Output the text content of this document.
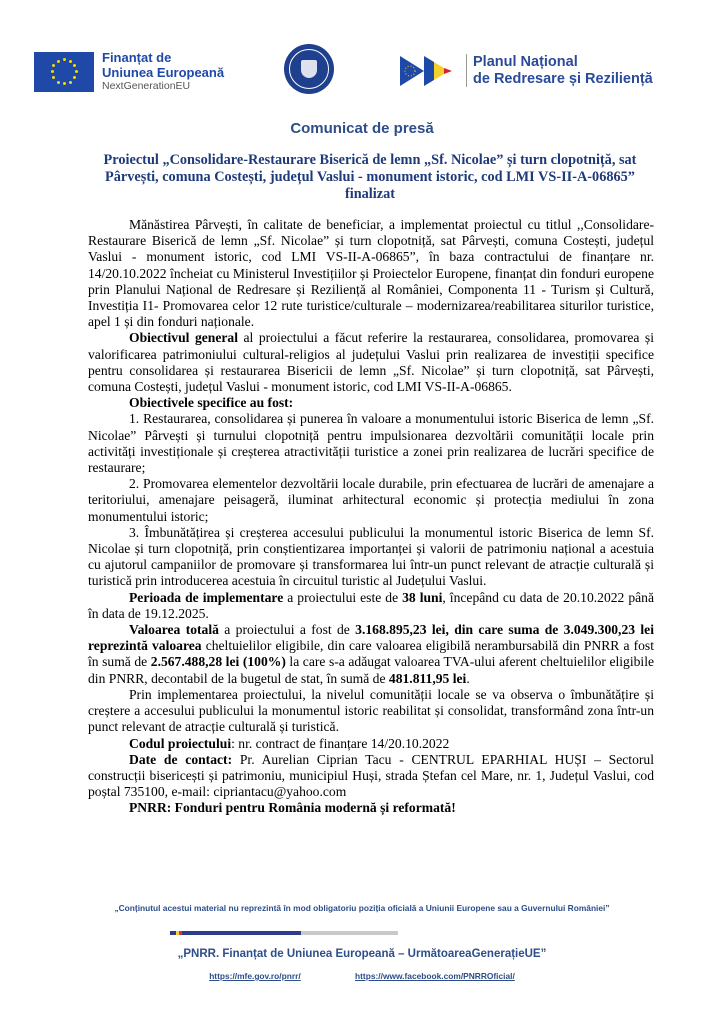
Finanțat de
Uniunea Europeană
NextGenerationEU
Planul Național
de Redresare și Reziliență
Comunicat de presă
Proiectul „Consolidare-Restaurare Biserică de lemn „Sf. Nicolae” și turn clopotniță, sat Pârvești, comuna Costești, județul Vaslui - monument istoric, cod LMI VS-II-A-06865” finalizat

Mănăstirea Pârvești, în calitate de beneficiar, a implementat proiectul cu titlul ,,Consolidare-Restaurare Biserică de lemn „Sf. Nicolae” și turn clopotniță, sat Pârvești, comuna Costești, județul Vaslui - monument istoric, cod LMI VS-II-A-06865”, în baza contractului de finanțare nr. 14/20.10.2022 încheiat cu Ministerul Investițiilor și Proiectelor Europene, finanțat din fonduri europene prin Planului Național de Redresare și Reziliență al României, Componenta 11 - Turism și Cultură, Investiția I1- Promovarea celor 12 rute turistice/culturale – modernizarea/reabilitarea siturilor turistice, apel 1 și din fonduri naționale.

Obiectivul general al proiectului a făcut referire la restaurarea, consolidarea, promovarea și valorificarea patrimoniului cultural-religios al județului Vaslui prin realizarea de investiții specifice pentru consolidarea și restaurarea Bisericii de lemn „Sf. Nicolae” și turn clopotniță, sat Pârvești, comuna Costești, județul Vaslui - monument istoric, cod LMI VS-II-A-06865.

Obiectivele specifice au fost:

1. Restaurarea, consolidarea și punerea în valoare a monumentului istoric Biserica de lemn „Sf. Nicolae” Pârvești și turnului clopotniță pentru impulsionarea dezvoltării comunității locale prin activități investiționale și creșterea atractivității turistice a zonei prin realizarea de lucrări specifice de restaurare;

2. Promovarea elementelor dezvoltării locale durabile, prin efectuarea de lucrări de amenajare a teritoriului, amenajare peisageră, iluminat arhitectural economic și protecția mediului în zona monumentului istoric;

3. Îmbunătățirea și creșterea accesului publicului la monumentul istoric Biserica de lemn Sf. Nicolae și turn clopotniță, prin conștientizarea importanței și valorii de patrimoniu național a acestuia cu ajutorul campaniilor de promovare și transformarea lui într-un punct relevant de atracție culturală și turistică prin introducerea acestuia în circuitul turistic al Județului Vaslui.

Perioada de implementare a proiectului este de 38 luni, începând cu data de 20.10.2022 până în data de 19.12.2025.

Valoarea totală a proiectului a fost de 3.168.895,23 lei, din care suma de 3.049.300,23 lei reprezintă valoarea cheltuielilor eligibile, din care valoarea eligibilă nerambursabilă din PNRR a fost în sumă de 2.567.488,28 lei (100%) la care s-a adăugat valoarea TVA-ului aferent cheltuielilor eligibile din PNRR, decontabil de la bugetul de stat, în sumă de 481.811,95 lei.

Prin implementarea proiectului, la nivelul comunității locale se va observa o îmbunătățire și creștere a accesului publicului la monumentul istoric reabilitat și consolidat, transformând zona într-un punct relevant de atracție culturală și turistică.

Codul proiectului: nr. contract de finanțare 14/20.10.2022

Date de contact: Pr. Aurelian Ciprian Tacu - CENTRUL EPARHIAL HUȘI – Sectorul construcții bisericești și patrimoniu, municipiul Huși, strada Ștefan cel Mare, nr. 1, Județul Vaslui, cod poștal 735100, e-mail: cipriantacu@yahoo.com

PNRR: Fonduri pentru România modernă și reformată!

„Conținutul acestui material nu reprezintă în mod obligatoriu poziția oficială a Uniunii Europene sau a Guvernului României”
„PNRR. Finanțat de Uniunea Europeană – UrmătoareaGenerațieUE”
https://mfe.gov.ro/pnrr/	https://www.facebook.com/PNRROficial/
